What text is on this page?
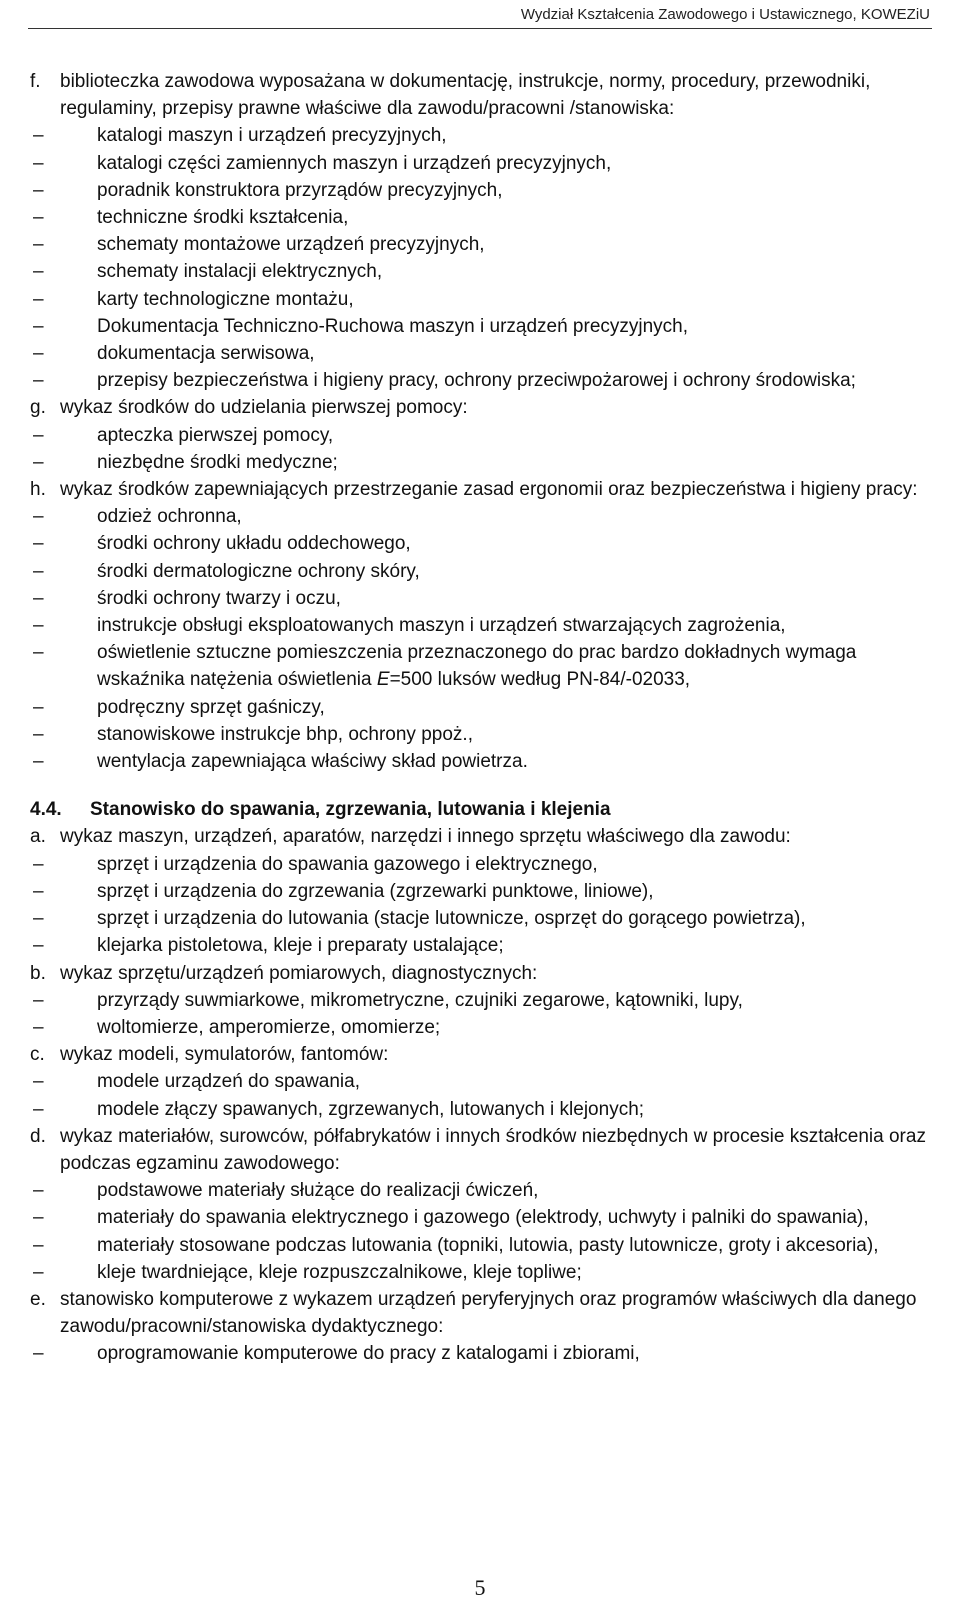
Wydział Kształcenia Zawodowego i Ustawicznego, KOWEZiU
f.	biblioteczka zawodowa wyposażana w dokumentację, instrukcje, normy, procedury, przewodniki, regulaminy, przepisy prawne właściwe dla zawodu/pracowni /stanowiska:
–	katalogi maszyn i urządzeń precyzyjnych,
–	katalogi części zamiennych maszyn i urządzeń precyzyjnych,
–	poradnik konstruktora przyrządów precyzyjnych,
–	techniczne środki kształcenia,
–	schematy montażowe urządzeń precyzyjnych,
–	schematy instalacji elektrycznych,
–	karty technologiczne montażu,
–	Dokumentacja Techniczno-Ruchowa maszyn i urządzeń precyzyjnych,
–	dokumentacja serwisowa,
–	przepisy bezpieczeństwa i higieny pracy, ochrony przeciwpożarowej i ochrony środowiska;
g. wykaz środków do udzielania pierwszej pomocy:
–	apteczka pierwszej pomocy,
–	niezbędne środki medyczne;
h. wykaz środków zapewniających przestrzeganie zasad ergonomii oraz bezpieczeństwa i higieny pracy:
–	odzież ochronna,
–	środki ochrony układu oddechowego,
–	środki dermatologiczne ochrony skóry,
–	środki ochrony twarzy i oczu,
–	instrukcje obsługi eksploatowanych maszyn i urządzeń stwarzających zagrożenia,
–	oświetlenie sztuczne pomieszczenia przeznaczonego do prac bardzo dokładnych wymaga wskaźnika natężenia oświetlenia E=500 luksów według PN-84/-02033,
–	podręczny sprzęt gaśniczy,
–	stanowiskowe instrukcje bhp, ochrony ppoż.,
–	wentylacja zapewniająca właściwy skład powietrza.
4.4.	Stanowisko do spawania, zgrzewania, lutowania i klejenia
a. wykaz maszyn, urządzeń, aparatów, narzędzi i innego sprzętu właściwego dla zawodu:
–	sprzęt i urządzenia do spawania gazowego i elektrycznego,
–	sprzęt i urządzenia do zgrzewania (zgrzewarki punktowe, liniowe),
–	sprzęt i urządzenia do lutowania (stacje lutownicze, osprzęt do gorącego powietrza),
–	klejarka pistoletowa, kleje i preparaty ustalające;
b. wykaz sprzętu/urządzeń pomiarowych, diagnostycznych:
–	przyrządy suwmiarkowe, mikrometryczne, czujniki zegarowe, kątowniki, lupy,
–	woltomierze, amperomierze, omomierze;
c. wykaz modeli, symulatorów, fantomów:
–	modele urządzeń do spawania,
–	modele złączy spawanych, zgrzewanych, lutowanych i klejonych;
d. wykaz materiałów, surowców, półfabrykatów i innych środków niezbędnych w procesie kształcenia oraz podczas egzaminu zawodowego:
–	podstawowe materiały służące do realizacji ćwiczeń,
–	materiały do spawania elektrycznego i gazowego (elektrody, uchwyty i palniki do spawania),
–	materiały stosowane podczas lutowania (topniki, lutowia, pasty lutownicze, groty i akcesoria),
–	kleje twardniejące, kleje rozpuszczalnikowe, kleje topliwe;
e. stanowisko komputerowe z wykazem urządzeń peryferyjnych oraz programów właściwych dla danego zawodu/pracowni/stanowiska dydaktycznego:
–	oprogramowanie komputerowe do pracy z katalogami i zbiorami,
5
